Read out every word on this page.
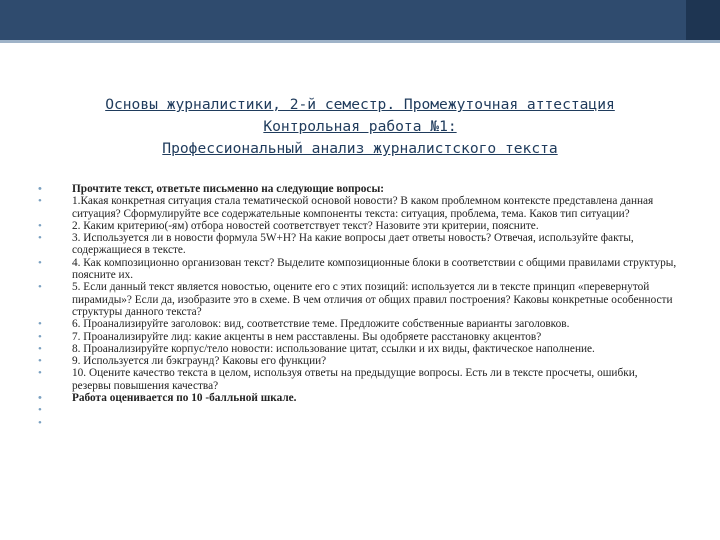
Основы журналистики, 2-й семестр. Промежуточная аттестация
Контрольная работа №1:
Профессиональный анализ журналистского текста
•	Прочтите текст, ответьте письменно на следующие вопросы:
•	1.Какая конкретная ситуация стала тематической основой новости? В каком проблемном контексте представлена данная ситуация? Сформулируйте все содержательные компоненты текста: ситуация, проблема, тема. Каков тип ситуации?
•	2. Каким критерию(-ям) отбора новостей соответствует текст? Назовите эти критерии, поясните.
•	3. Используется ли в новости формула 5W+H? На какие вопросы дает ответы новость? Отвечая, используйте факты, содержащиеся в тексте.
•	4. Как композиционно организован текст? Выделите композиционные блоки в соответствии с общими правилами структуры, поясните их.
•	5. Если данный текст является новостью, оцените его с этих позиций: используется ли в тексте принцип «перевернутой пирамиды»? Если да, изобразите это в схеме. В чем отличия от общих правил построения? Каковы конкретные особенности структуры данного текста?
•	6. Проанализируйте заголовок: вид, соответствие теме. Предложите собственные варианты заголовков.
•	7. Проанализируйте лид: какие акценты в нем расставлены. Вы одобряете расстановку акцентов?
•	8. Проанализируйте корпус/тело новости: использование цитат, ссылки и их виды, фактическое наполнение.
•	9. Используется ли бэкграунд? Каковы его функции?
•	10. Оцените качество текста в целом, используя ответы на предыдущие вопросы. Есть ли в тексте просчеты, ошибки, резервы повышения качества?
•	Работа оценивается по 10 -балльной шкале.
•

•
